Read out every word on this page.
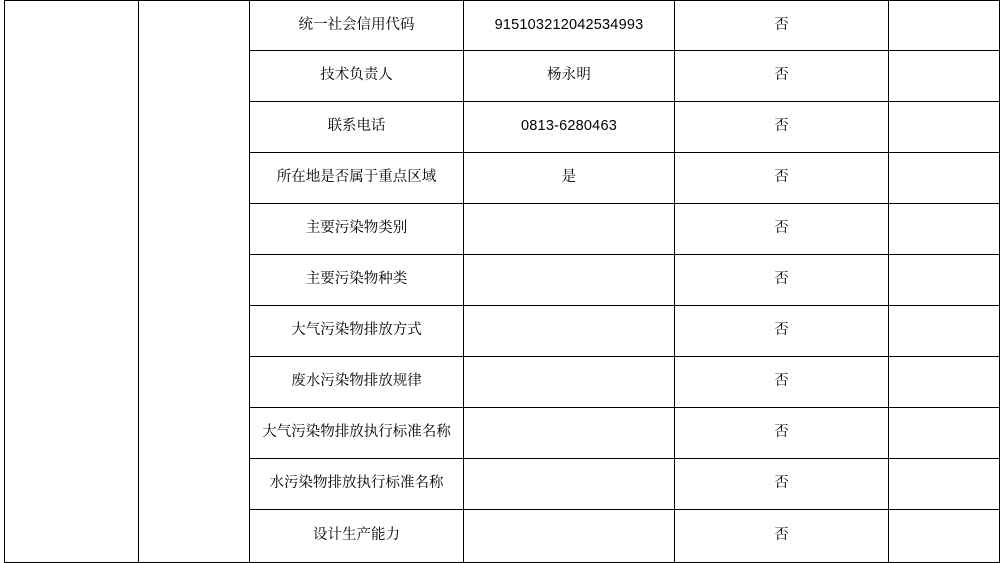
		统一社会信用代码	915103212042534993	否	

		技术负责人	杨永明	否	

		联系电话	0813-6280463	否	

		所在地是否属于重点区域	是	否	

		主要污染物类别		否	

		主要污染物种类		否	

		大气污染物排放方式		否	

		废水污染物排放规律		否	

		大气污染物排放执行标准名称		否	

		水污染物排放执行标准名称		否	

		设计生产能力		否	
